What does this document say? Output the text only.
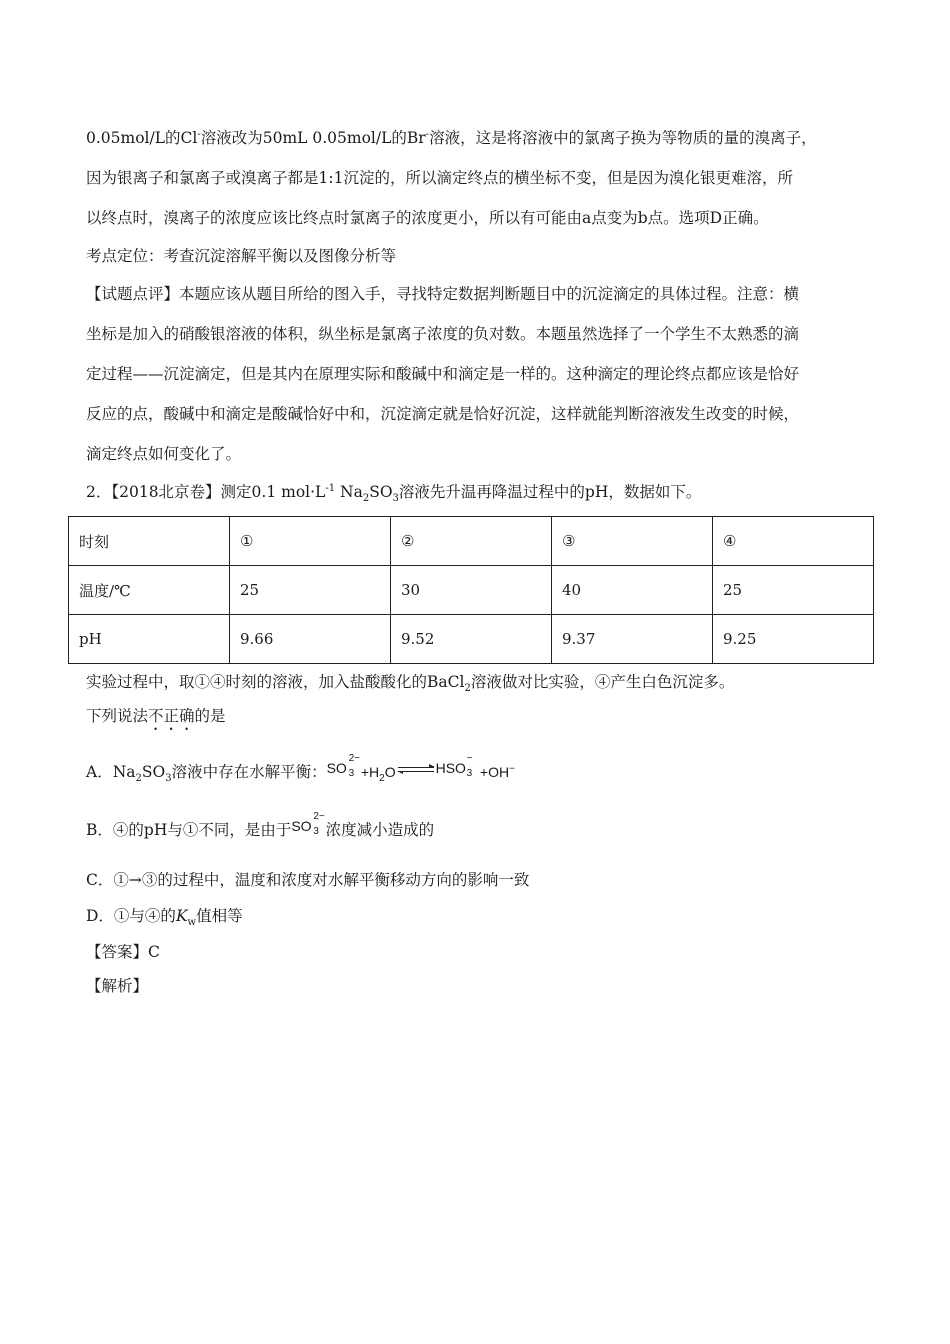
0.05mol/L的Cl-溶液改为50mL 0.05mol/L的Br-溶液，这是将溶液中的氯离子换为等物质的量的溴离子，
因为银离子和氯离子或溴离子都是1:1沉淀的，所以滴定终点的横坐标不变，但是因为溴化银更难溶，所
以终点时，溴离子的浓度应该比终点时氯离子的浓度更小，所以有可能由a点变为b点。选项D正确。
考点定位：考查沉淀溶解平衡以及图像分析等
【试题点评】本题应该从题目所给的图入手，寻找特定数据判断题目中的沉淀滴定的具体过程。注意：横
坐标是加入的硝酸银溶液的体积，纵坐标是氯离子浓度的负对数。本题虽然选择了一个学生不太熟悉的滴
定过程——沉淀滴定，但是其内在原理实际和酸碱中和滴定是一样的。这种滴定的理论终点都应该是恰好
反应的点，酸碱中和滴定是酸碱恰好中和，沉淀滴定就是恰好沉淀，这样就能判断溶液发生改变的时候，
滴定终点如何变化了。
2．【2018北京卷】测定0.1 $mol\cdot L^{-1}$ $Na_2SO_3$溶液先升温再降温过程中的pH，数据如下。
时刻	①	②	③	④
温度/℃	25	30	40	25
pH	9.66	9.52	9.37	9.25
实验过程中，取①④时刻的溶液，加入盐酸酸化的BaCl$_2$溶液做对比实验，④产生白色沉淀多。
下列说法不正确的是
A．$Na_2SO_3$溶液中存在水解平衡：SO
2−
$3 +H_2O$	HSO
−
3 +OH−
B．④的pH与①不同，是由于SO
2−
3 浓度减小造成的
C．①→③的过程中，温度和浓度对水解平衡移动方向的影响一致
D．①与④的$K_w$值相等
【答案】C
【解析】
